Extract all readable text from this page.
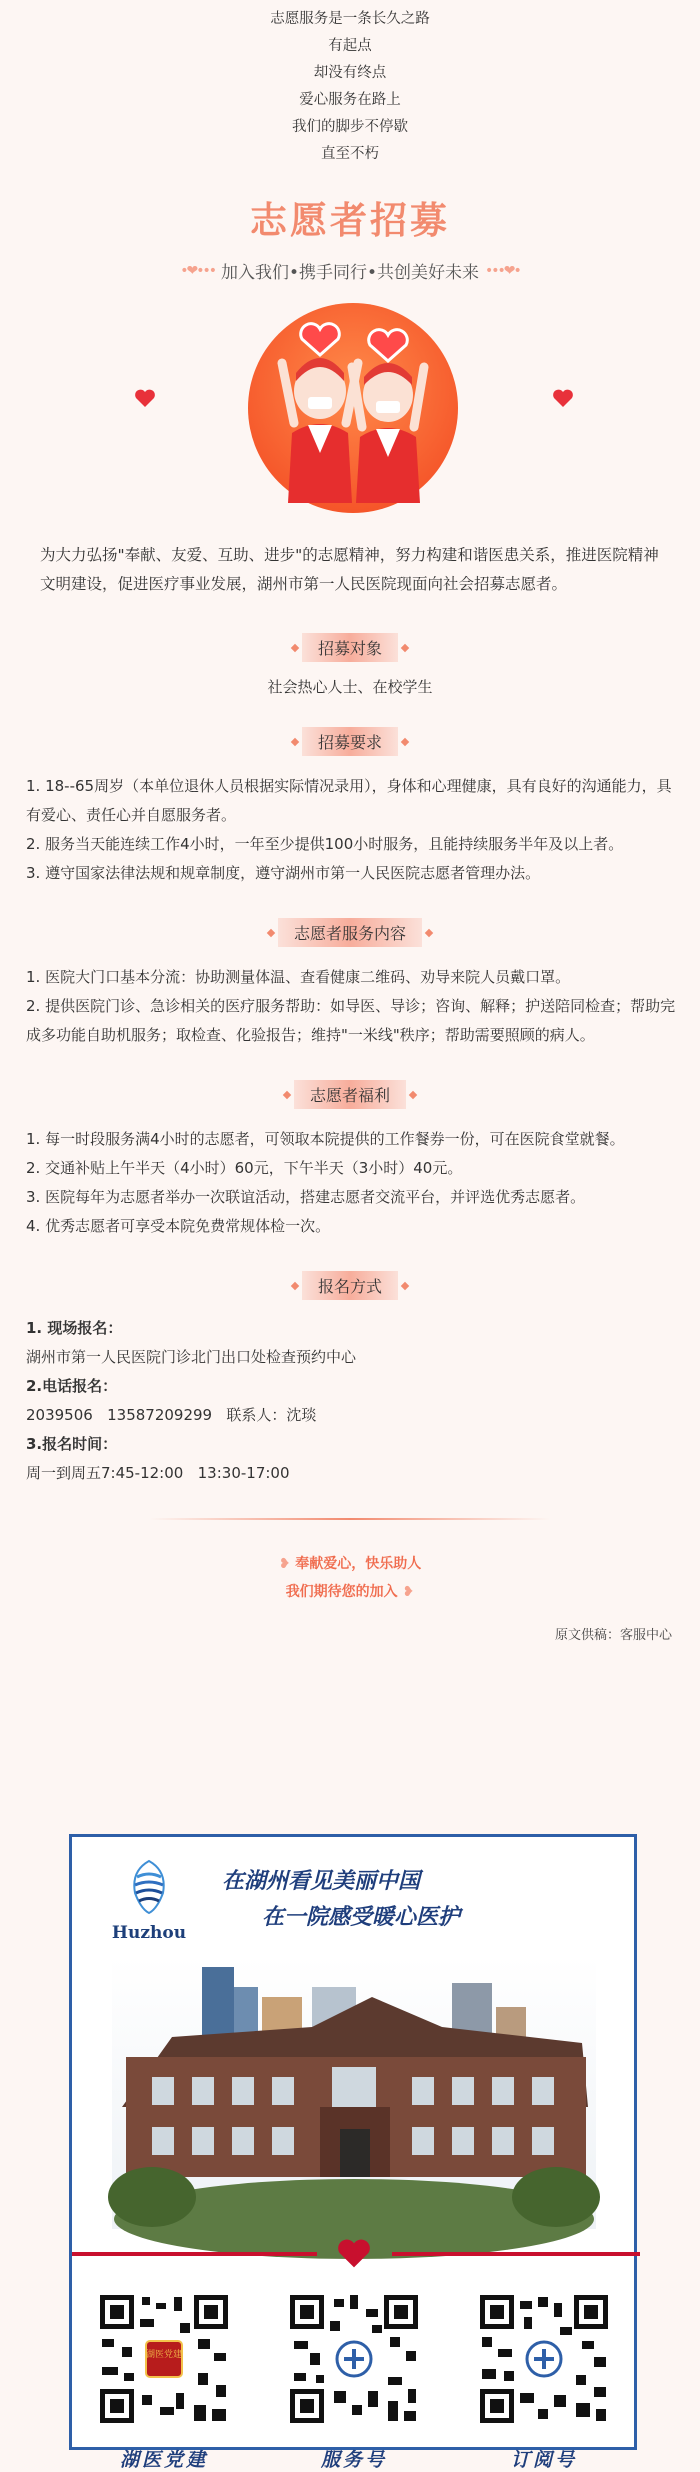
志愿服务是一条长久之路
有起点
却没有终点
爱心服务在路上
我们的脚步不停歇
直至不朽
志愿者招募
•❤••• 加入我们•携手同行•共创美好未来 •••❤•

为大力弘扬"奉献、友爱、互助、进步"的志愿精神，努力构建和谐医患关系，推进医院精神文明建设，促进医疗事业发展，湖州市第一人民医院现面向社会招募志愿者。

招募对象
社会热心人士、在校学生
招募要求

1. 18--65周岁（本单位退休人员根据实际情况录用），身体和心理健康，具有良好的沟通能力，具有爱心、责任心并自愿服务者。

2. 服务当天能连续工作4小时，一年至少提供100小时服务，且能持续服务半年及以上者。

3. 遵守国家法律法规和规章制度，遵守湖州市第一人民医院志愿者管理办法。

志愿者服务内容

1. 医院大门口基本分流：协助测量体温、查看健康二维码、劝导来院人员戴口罩。

2. 提供医院门诊、急诊相关的医疗服务帮助：如导医、导诊；咨询、解释；护送陪同检查；帮助完成多功能自助机服务；取检查、化验报告；维持"一米线"秩序；帮助需要照顾的病人。

志愿者福利

1. 每一时段服务满4小时的志愿者，可领取本院提供的工作餐券一份，可在医院食堂就餐。

2. 交通补贴上午半天（4小时）60元，下午半天（3小时）40元。

3. 医院每年为志愿者举办一次联谊活动，搭建志愿者交流平台，并评选优秀志愿者。

4. 优秀志愿者可享受本院免费常规体检一次。

报名方式

1. 现场报名：

湖州市第一人民医院门诊北门出口处检查预约中心

2.电话报名：

2039506   13587209299   联系人：沈琰

3.报名时间：

周一到周五7:45-12:00   13:30-17:00

❥ 奉献爱心，快乐助人
我们期待您的加入 ❥
原文供稿：客服中心
Huzhou
在湖州看见美丽中国
在一院感受暖心医护
湖医党建
湖医党建	服务号	订阅号
